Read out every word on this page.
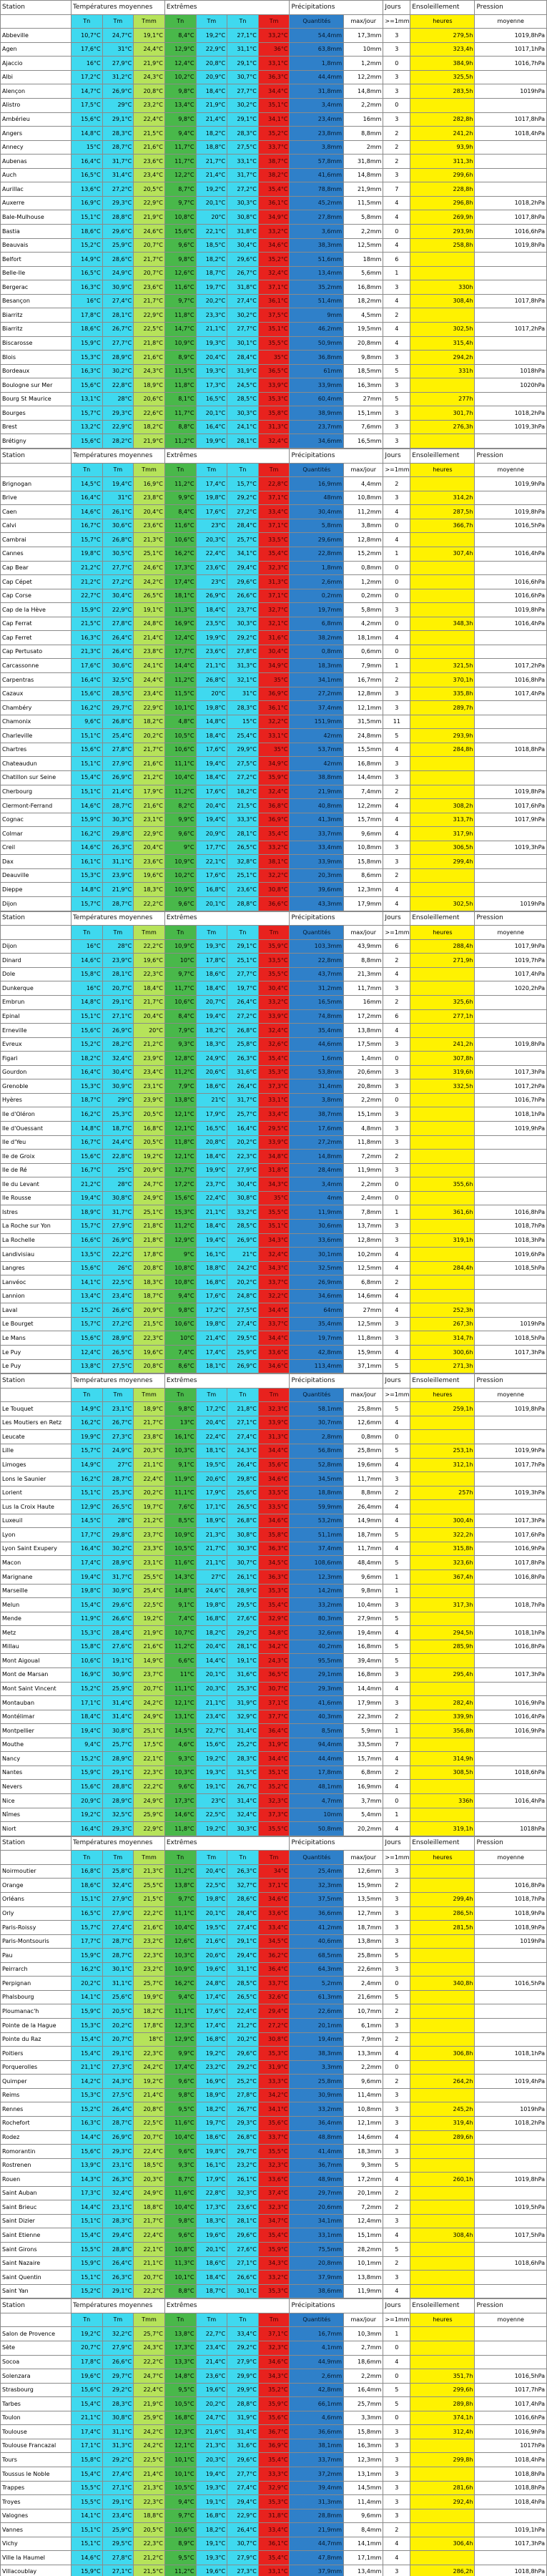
Station	Températures moyennes			Extrêmes				Précipitations		Jours	Ensoleillement	Pression
	Tn	Tm	Tmm	Tn	Tm	Tn	Tm	Quantités	max/jour	>=1mm	heures	moyenne
Abbeville	10,7°C	24,7°C	19,1°C	8,4°C	19,2°C	27,1°C	33,2°C	54,4mm	17,3mm	3	279,5h	1019,8hPa
Agen	17,6°C	31°C	24,4°C	12,9°C	22,9°C	31,1°C	36°C	63,8mm	10mm	3	323,4h	1017,1hPa
Ajaccio	16°C	27,9°C	21,9°C	12,4°C	20,8°C	29,1°C	33,1°C	1,8mm	1,2mm	0	384,9h	1016,7hPa
Albi	17,2°C	31,2°C	24,3°C	10,2°C	20,9°C	30,7°C	36,3°C	44,4mm	12,2mm	3	325,5h	
Alençon	14,7°C	26,9°C	20,8°C	9,8°C	18,4°C	27,7°C	34,4°C	31,8mm	14,8mm	3	283,5h	1019hPa
Alistro	17,5°C	29°C	23,2°C	13,4°C	21,9°C	30,2°C	35,1°C	3,4mm	2,2mm	0		
Ambérieu	15,6°C	29,1°C	22,4°C	9,8°C	21,4°C	29,1°C	34,1°C	23,4mm	16mm	3	282,8h	1017,8hPa
Angers	14,8°C	28,3°C	21,5°C	9,4°C	18,2°C	28,3°C	35,2°C	23,8mm	8,8mm	2	241,2h	1018,4hPa
Annecy	15°C	28,7°C	21,6°C	11,7°C	18,8°C	27,5°C	33,7°C	3,8mm	2mm	2	93,9h	
Aubenas	16,4°C	31,7°C	23,6°C	11,7°C	21,7°C	33,1°C	38,7°C	57,8mm	31,8mm	2	311,3h	
Auch	16,5°C	31,4°C	23,4°C	12,2°C	21,4°C	31,7°C	38,2°C	41,6mm	14,8mm	3	299,6h	
Aurillac	13,6°C	27,2°C	20,5°C	8,7°C	19,2°C	27,2°C	35,4°C	78,8mm	21,9mm	7	228,8h	
Auxerre	16,9°C	29,3°C	22,9°C	9,7°C	20,1°C	30,3°C	36,1°C	45,2mm	11,5mm	4	296,8h	1018,2hPa
Bale-Mulhouse	15,1°C	28,8°C	21,9°C	10,8°C	20°C	30,8°C	34,9°C	27,8mm	5,8mm	4	269,9h	1017,8hPa
Bastia	18,6°C	29,6°C	24,6°C	15,6°C	22,1°C	31,8°C	33,2°C	3,6mm	2,2mm	0	293,9h	1016,6hPa
Beauvais	15,2°C	25,9°C	20,7°C	9,6°C	18,5°C	30,4°C	34,6°C	38,3mm	12,5mm	4	258,8h	1019,8hPa
Belfort	14,9°C	28,6°C	21,7°C	9,8°C	18,2°C	29,6°C	35,2°C	51,6mm	18mm	6		
Belle-Ile	16,5°C	24,9°C	20,7°C	12,6°C	18,7°C	26,7°C	32,4°C	13,4mm	5,6mm	1		
Bergerac	16,3°C	30,9°C	23,6°C	11,6°C	19,7°C	31,8°C	37,1°C	35,2mm	16,8mm	3	330h	
Besançon	16°C	27,4°C	21,7°C	9,7°C	20,2°C	27,4°C	36,1°C	51,4mm	18,2mm	4	308,4h	1017,8hPa
Biarritz	17,8°C	28,1°C	22,9°C	11,8°C	23,3°C	30,2°C	37,5°C	9mm	4,5mm	2		
Biarritz	18,6°C	26,7°C	22,5°C	14,7°C	21,1°C	27,7°C	35,1°C	46,2mm	19,5mm	4	302,5h	1017,2hPa
Biscarosse	15,9°C	27,7°C	21,8°C	10,9°C	19,3°C	30,1°C	35,5°C	50,9mm	20,8mm	4	315,4h	
Blois	15,3°C	28,9°C	21,6°C	8,9°C	20,4°C	28,4°C	35°C	36,8mm	9,8mm	3	294,2h	
Bordeaux	16,3°C	30,2°C	24,3°C	11,5°C	19,3°C	31,9°C	36,5°C	61mm	18,5mm	5	331h	1018hPa
Boulogne sur Mer	15,6°C	22,8°C	18,9°C	11,8°C	17,3°C	24,5°C	33,9°C	33,9mm	16,3mm	3		1020hPa
Bourg St Maurice	13,1°C	28°C	20,6°C	8,1°C	16,5°C	28,5°C	35,3°C	60,4mm	27mm	5	277h	
Bourges	15,7°C	29,3°C	22,6°C	11,7°C	20,1°C	30,3°C	35,8°C	38,9mm	15,1mm	3	301,7h	1018,2hPa
Brest	13,2°C	22,9°C	18,2°C	8,8°C	16,4°C	24,1°C	31,3°C	23,7mm	7,6mm	3	276,3h	1019,3hPa
Brétigny	15,6°C	28,2°C	21,9°C	11,2°C	19,9°C	28,1°C	32,4°C	34,6mm	16,5mm	3		
Station	Températures moyennes			Extrêmes				Précipitations		Jours	Ensoleillement	Pression
	Tn	Tm	Tmm	Tn	Tm	Tn	Tm	Quantités	max/jour	>=1mm	heures	moyenne
Brignogan	14,5°C	19,4°C	16,9°C	11,2°C	17,4°C	15,7°C	22,8°C	16,9mm	4,4mm	2		1019,9hPa
Brive	16,4°C	31°C	23,8°C	9,9°C	19,8°C	29,2°C	37,1°C	48mm	10,8mm	3	314,2h	
Caen	14,6°C	26,1°C	20,4°C	8,4°C	17,6°C	27,2°C	33,4°C	30,4mm	11,2mm	4	287,5h	1019,8hPa
Calvi	16,7°C	30,6°C	23,6°C	11,6°C	23°C	28,4°C	37,1°C	5,8mm	3,8mm	0	366,7h	1016,5hPa
Cambrai	15,7°C	26,8°C	21,3°C	10,6°C	20,3°C	25,7°C	33,5°C	29,6mm	12,8mm	4		
Cannes	19,8°C	30,5°C	25,1°C	16,2°C	22,4°C	34,1°C	35,4°C	22,8mm	15,2mm	1	307,4h	1016,4hPa
Cap Bear	21,2°C	27,7°C	24,6°C	17,3°C	23,6°C	29,4°C	32,3°C	1,8mm	0,8mm	0		
Cap Cépet	21,2°C	27,2°C	24,2°C	17,4°C	23°C	29,6°C	31,3°C	2,6mm	1,2mm	0		1016,6hPa
Cap Corse	22,7°C	30,4°C	26,5°C	18,1°C	26,9°C	26,6°C	37,1°C	0,2mm	0,2mm	0		1016,6hPa
Cap de la Hève	15,9°C	22,9°C	19,1°C	11,3°C	18,4°C	23,7°C	32,7°C	19,7mm	5,8mm	3		1019,8hPa
Cap Ferrat	21,5°C	27,8°C	24,8°C	16,9°C	23,5°C	30,3°C	32,1°C	6,8mm	4,2mm	0	348,3h	1016,4hPa
Cap Ferret	16,3°C	26,4°C	21,4°C	12,4°C	19,9°C	29,2°C	31,6°C	38,2mm	18,1mm	4		
Cap Pertusato	21,3°C	26,4°C	23,8°C	17,7°C	23,6°C	27,8°C	30,4°C	0,8mm	0,6mm	0		
Carcassonne	17,6°C	30,6°C	24,1°C	14,4°C	21,1°C	31,3°C	34,9°C	18,3mm	7,9mm	1	321,5h	1017,2hPa
Carpentras	16,4°C	32,5°C	24,4°C	11,2°C	26,8°C	32,1°C	35°C	34,1mm	16,7mm	2	370,1h	1016,8hPa
Cazaux	15,6°C	28,5°C	23,4°C	11,5°C	20°C	31°C	36,9°C	27,2mm	12,8mm	3	335,8h	1017,4hPa
Chambéry	16,2°C	29,7°C	22,9°C	10,1°C	19,8°C	28,3°C	36,1°C	37,4mm	12,1mm	3	289,7h	
Chamonix	9,6°C	26,8°C	18,2°C	4,8°C	14,8°C	15°C	32,2°C	151,9mm	31,5mm	11		
Charleville	15,1°C	25,4°C	20,2°C	10,5°C	18,4°C	25,4°C	33,1°C	42mm	24,8mm	5	293,9h	
Chartres	15,6°C	27,8°C	21,7°C	10,6°C	17,6°C	29,9°C	35°C	53,7mm	15,5mm	4	284,8h	1018,8hPa
Chateaudun	15,1°C	27,9°C	21,6°C	11,1°C	19,4°C	27,5°C	34,9°C	42mm	16,8mm	3		
Chatillon sur Seine	15,4°C	26,9°C	21,2°C	10,4°C	18,4°C	27,2°C	35,9°C	38,8mm	14,4mm	3		
Cherbourg	15,1°C	21,4°C	17,9°C	11,2°C	17,6°C	18,2°C	32,4°C	21,9mm	7,4mm	2		1019,8hPa
Clermont-Ferrand	14,6°C	28,7°C	21,6°C	8,2°C	20,4°C	21,5°C	36,8°C	40,8mm	12,2mm	4	308,2h	1017,6hPa
Cognac	15,9°C	30,3°C	23,1°C	9,9°C	19,4°C	33,3°C	36,9°C	41,3mm	15,7mm	4	313,7h	1017,9hPa
Colmar	16,2°C	29,8°C	22,9°C	9,6°C	20,9°C	28,1°C	35,4°C	33,7mm	9,6mm	4	317,9h	
Creil	14,6°C	26,3°C	20,4°C	9°C	17,7°C	26,5°C	33,2°C	33,4mm	10,8mm	3	306,5h	1019,3hPa
Dax	16,1°C	31,1°C	23,6°C	10,9°C	22,1°C	32,8°C	38,1°C	33,9mm	15,8mm	3	299,4h	
Deauville	15,3°C	23,9°C	19,6°C	10,2°C	17,6°C	25,1°C	32,2°C	20,3mm	8,6mm	2		
Dieppe	14,8°C	21,9°C	18,3°C	10,9°C	16,8°C	23,6°C	30,8°C	39,6mm	12,3mm	4		
Dijon	15,7°C	28,7°C	22,2°C	9,6°C	20,1°C	28,8°C	36,6°C	43,3mm	17,9mm	4	302,5h	1019hPa
Station	Températures moyennes			Extrêmes				Précipitations		Jours	Ensoleillement	Pression
	Tn	Tm	Tmm	Tn	Tm	Tn	Tm	Quantités	max/jour	>=1mm	heures	moyenne
Dijon	16°C	28°C	22,2°C	10,9°C	19,3°C	29,1°C	35,9°C	103,3mm	43,9mm	6	288,4h	1017,9hPa
Dinard	14,6°C	23,9°C	19,6°C	10°C	17,8°C	25,1°C	33,5°C	22,8mm	8,8mm	2	271,9h	1019,7hPa
Dole	15,8°C	28,1°C	22,3°C	9,7°C	18,6°C	27,7°C	35,5°C	43,7mm	21,3mm	4		1017,4hPa
Dunkerque	16°C	20,7°C	18,4°C	11,7°C	18,4°C	19,7°C	30,4°C	31,2mm	11,7mm	3		1020,2hPa
Embrun	14,8°C	29,1°C	21,7°C	10,6°C	20,7°C	26,4°C	33,2°C	16,5mm	16mm	2	325,6h	
Epinal	15,1°C	27,1°C	20,4°C	8,4°C	19,4°C	27,2°C	33,9°C	74,8mm	17,2mm	6	277,1h	
Erneville	15,6°C	26,9°C	20°C	7,9°C	18,2°C	26,8°C	32,4°C	35,4mm	13,8mm	4		
Evreux	15,2°C	28,2°C	21,2°C	9,3°C	18,3°C	25,8°C	32,6°C	44,6mm	17,5mm	3	241,2h	1019,8hPa
Figari	18,2°C	32,4°C	23,9°C	12,8°C	24,9°C	26,3°C	35,4°C	1,6mm	1,4mm	0	307,8h	
Gourdon	16,4°C	30,4°C	23,4°C	11,2°C	20,6°C	31,6°C	35,3°C	53,8mm	20,6mm	3	319,6h	1017,3hPa
Grenoble	15,3°C	30,9°C	23,1°C	7,9°C	18,6°C	26,4°C	37,3°C	31,4mm	20,8mm	3	332,5h	1017,2hPa
Hyères	18,7°C	29°C	23,9°C	13,8°C	21°C	31,7°C	33,1°C	3,8mm	2,2mm	0		1016,7hPa
Ile d'Oléron	16,2°C	25,3°C	20,5°C	12,1°C	17,9°C	25,7°C	33,4°C	38,7mm	15,1mm	3		1018,1hPa
Ile d'Ouessant	14,8°C	18,7°C	16,8°C	12,1°C	16,5°C	16,4°C	29,5°C	17,6mm	4,8mm	3		1019,9hPa
Ile d'Yeu	16,7°C	24,4°C	20,5°C	11,8°C	20,8°C	20,2°C	33,9°C	27,2mm	11,8mm	3		
Ile de Groix	15,6°C	22,8°C	19,2°C	12,1°C	18,4°C	22,3°C	34,8°C	14,8mm	7,2mm	2		
Ile de Ré	16,7°C	25°C	20,9°C	12,7°C	19,9°C	27,9°C	31,8°C	28,4mm	11,9mm	3		
Ile du Levant	21,2°C	28°C	24,7°C	17,2°C	23,7°C	30,4°C	34,3°C	3,4mm	2,2mm	0	355,6h	
Ile Rousse	19,4°C	30,8°C	24,9°C	15,6°C	22,4°C	30,8°C	35°C	4mm	2,4mm	0		
Istres	18,9°C	31,7°C	25,1°C	15,3°C	21,1°C	33,2°C	35,5°C	11,9mm	7,8mm	1	361,6h	1016,8hPa
La Roche sur Yon	15,7°C	27,9°C	21,8°C	11,2°C	18,4°C	28,5°C	35,1°C	30,6mm	13,7mm	3		1018,7hPa
La Rochelle	16,6°C	26,9°C	21,8°C	12,9°C	19,4°C	26,9°C	34,3°C	33,6mm	12,8mm	3	319,1h	1018,3hPa
Landivisiau	13,5°C	22,2°C	17,8°C	9°C	16,1°C	21°C	32,4°C	30,1mm	10,2mm	4		1019,6hPa
Langres	15,6°C	26°C	20,8°C	10,8°C	18,8°C	24,2°C	34,3°C	32,5mm	12,5mm	4	284,4h	1018,5hPa
Lanvéoc	14,1°C	22,5°C	18,3°C	10,8°C	16,8°C	20,2°C	33,7°C	26,9mm	6,8mm	2		
Lannion	13,4°C	23,4°C	18,7°C	9,4°C	17,6°C	24,8°C	32,2°C	34,6mm	14,6mm	4		
Laval	15,2°C	26,6°C	20,9°C	9,8°C	17,2°C	27,5°C	34,4°C	64mm	27mm	4	252,3h	
Le Bourget	15,7°C	27,2°C	21,5°C	10,6°C	19,8°C	27,4°C	33,7°C	35,4mm	12,5mm	3	267,3h	1019hPa
Le Mans	15,6°C	28,9°C	22,3°C	10°C	21,4°C	29,5°C	34,4°C	19,7mm	11,8mm	3	314,7h	1018,5hPa
Le Puy	12,4°C	26,5°C	19,6°C	7,4°C	17,4°C	25,9°C	33,6°C	42,8mm	15,9mm	4	300,6h	1017,3hPa
Le Puy	13,8°C	27,5°C	20,8°C	8,6°C	18,1°C	26,9°C	34,6°C	113,4mm	37,1mm	5	271,3h	
Station	Températures moyennes			Extrêmes				Précipitations		Jours	Ensoleillement	Pression
	Tn	Tm	Tmm	Tn	Tm	Tn	Tm	Quantités	max/jour	>=1mm	heures	moyenne
Le Touquet	14,9°C	23,1°C	18,9°C	9,8°C	17,2°C	21,8°C	32,3°C	58,1mm	25,8mm	5	259,1h	1019,8hPa
Les Moutiers en Retz	16,2°C	26,7°C	21,7°C	13°C	20,4°C	27,1°C	33,9°C	30,7mm	12,6mm	4		
Leucate	19,9°C	27,3°C	23,8°C	16,1°C	22,4°C	27,4°C	31,3°C	2,8mm	0,8mm	0		
Lille	15,7°C	24,9°C	20,3°C	10,3°C	18,1°C	24,3°C	34,4°C	56,8mm	25,8mm	5	253,1h	1019,9hPa
Limoges	14,9°C	27°C	21,1°C	9,1°C	19,5°C	26,4°C	35,6°C	52,8mm	19,6mm	4	312,1h	1017,7hPa
Lons le Saunier	16,2°C	28,7°C	22,4°C	11,9°C	20,6°C	29,8°C	34,6°C	34,5mm	11,7mm	3		
Lorient	15,1°C	25,3°C	20,2°C	11,1°C	17,9°C	25,6°C	33,5°C	18,8mm	8,8mm	2	257h	1019,3hPa
Lus la Croix Haute	12,9°C	26,5°C	19,7°C	7,6°C	17,1°C	26,5°C	33,5°C	59,9mm	26,4mm	4		
Luxeuil	14,5°C	28°C	21,2°C	8,5°C	18,9°C	26,8°C	34,6°C	53,2mm	14,9mm	4	300,4h	1017,3hPa
Lyon	17,7°C	29,8°C	23,7°C	10,9°C	21,3°C	30,8°C	35,8°C	51,1mm	18,7mm	5	322,2h	1017,6hPa
Lyon Saint Exupery	16,4°C	30,2°C	23,3°C	10,5°C	21,7°C	30,3°C	36,3°C	37,4mm	11,7mm	4	315,8h	1016,9hPa
Macon	17,4°C	28,9°C	23,1°C	11,6°C	21,1°C	30,7°C	34,5°C	108,6mm	48,4mm	5	323,6h	1017,8hPa
Marignane	19,4°C	31,7°C	25,5°C	14,3°C	27°C	26,1°C	36,3°C	12,3mm	9,6mm	1	367,4h	1016,8hPa
Marseille	19,8°C	30,9°C	25,4°C	14,8°C	24,6°C	28,9°C	35,3°C	14,2mm	9,8mm	1		
Melun	15,4°C	29,6°C	22,5°C	9,1°C	19,8°C	29,5°C	35,4°C	33,2mm	10,4mm	3	317,3h	1018,7hPa
Mende	11,9°C	26,6°C	19,2°C	7,4°C	16,8°C	27,6°C	32,9°C	80,3mm	27,9mm	5		
Metz	15,3°C	28,4°C	21,9°C	10,7°C	18,2°C	29,2°C	34,8°C	32,6mm	19,4mm	4	294,5h	1018,1hPa
Millau	15,8°C	27,6°C	21,6°C	11,2°C	20,4°C	28,1°C	34,2°C	40,2mm	16,8mm	5	285,9h	1016,8hPa
Mont Aigoual	10,6°C	19,1°C	14,9°C	6,6°C	14,4°C	19,1°C	24,3°C	95,5mm	39,4mm	5		
Mont de Marsan	16,9°C	30,9°C	23,7°C	11°C	20,1°C	31,6°C	36,5°C	29,1mm	16,8mm	3	295,4h	1017,3hPa
Mont Saint Vincent	15,2°C	25,9°C	20,7°C	11,1°C	20,3°C	25,3°C	30,7°C	29,3mm	14,4mm	4		
Montauban	17,1°C	31,4°C	24,2°C	12,1°C	21,1°C	31,9°C	37,1°C	41,6mm	17,9mm	3	282,4h	1016,9hPa
Montélimar	18,4°C	31,4°C	24,9°C	13,1°C	23,4°C	32,9°C	37,7°C	40,3mm	22,3mm	2	339,9h	1016,4hPa
Montpellier	19,4°C	30,8°C	25,1°C	14,5°C	22,7°C	31,4°C	36,4°C	8,5mm	5,9mm	1	356,8h	1016,9hPa
Mouthe	9,4°C	25,7°C	17,5°C	4,6°C	15,6°C	25,2°C	31,9°C	94,4mm	33,5mm	7		
Nancy	15,2°C	28,9°C	22,1°C	9,3°C	19,2°C	28,3°C	34,4°C	44,4mm	15,7mm	4	314,9h	
Nantes	15,9°C	29,1°C	22,3°C	10,3°C	19,3°C	31,5°C	35,1°C	17,8mm	6,8mm	2	308,5h	1018,6hPa
Nevers	15,6°C	28,8°C	22,2°C	9,6°C	19,1°C	26,7°C	35,2°C	48,1mm	16,9mm	4		
Nice	20,9°C	28,9°C	24,9°C	17,3°C	23°C	31,4°C	32,3°C	4,7mm	3,7mm	0	336h	1016,4hPa
Nîmes	19,2°C	32,5°C	25,9°C	14,6°C	22,5°C	32,4°C	37,3°C	10mm	5,4mm	1		
Niort	16,4°C	29,3°C	22,9°C	11,8°C	19,2°C	30,3°C	35,5°C	50,8mm	20,2mm	4	319,1h	1018hPa
Station	Températures moyennes			Extrêmes				Précipitations		Jours	Ensoleillement	Pression
	Tn	Tm	Tmm	Tn	Tm	Tn	Tm	Quantités	max/jour	>=1mm	heures	moyenne
Noirmoutier	16,8°C	25,8°C	21,3°C	11,2°C	20,4°C	26,3°C	34°C	25,4mm	12,6mm	3		
Orange	18,6°C	32,4°C	25,5°C	13,8°C	22,5°C	32,7°C	37,1°C	32,3mm	15,9mm	2		1016,8hPa
Orléans	15,1°C	27,9°C	21,5°C	9,7°C	19,8°C	28,6°C	34,6°C	37,5mm	13,5mm	3	299,4h	1018,7hPa
Orly	16,5°C	27,9°C	22,2°C	11,1°C	20,1°C	28,4°C	33,6°C	36,6mm	12,7mm	3	286,5h	1018,9hPa
Paris-Roissy	15,7°C	27,4°C	21,6°C	10,4°C	19,5°C	27,4°C	33,4°C	41,2mm	18,7mm	3	281,5h	1018,9hPa
Paris-Montsouris	17,7°C	28,7°C	23,2°C	12,6°C	21,6°C	29,1°C	34,5°C	40,6mm	13,8mm	3		1019hPa
Pau	15,9°C	28,7°C	22,3°C	10,3°C	20,6°C	29,4°C	36,2°C	68,5mm	25,8mm	5		
Peirrarch	16,2°C	30,1°C	23,2°C	10,9°C	19,6°C	31,1°C	36,4°C	64,3mm	22,6mm	3		
Perpignan	20,2°C	31,1°C	25,7°C	16,2°C	24,8°C	28,5°C	33,7°C	5,2mm	2,4mm	0	340,8h	1016,5hPa
Phalsbourg	14,1°C	25,6°C	19,9°C	9,4°C	17,4°C	26,5°C	32,6°C	61,3mm	21,6mm	5		
Ploumanac'h	15,9°C	20,5°C	18,2°C	11,1°C	17,6°C	22,4°C	29,4°C	22,6mm	10,7mm	2		
Pointe de la Hague	15,3°C	20,2°C	17,8°C	12,3°C	17,4°C	21,2°C	27,2°C	20,1mm	6,1mm	3		
Pointe du Raz	15,4°C	20,7°C	18°C	12,9°C	16,8°C	20,2°C	30,8°C	19,4mm	7,9mm	2		
Poitiers	15,4°C	29,1°C	22,3°C	9,9°C	19,2°C	29,6°C	35,3°C	38,3mm	13,3mm	4	306,8h	1018,1hPa
Porquerolles	21,1°C	27,3°C	24,2°C	17,4°C	23,2°C	29,2°C	31,9°C	3,3mm	2,2mm	0		
Quimper	14,2°C	24,3°C	19,2°C	9,6°C	16,9°C	25,2°C	33,3°C	25,8mm	9,6mm	2	264,2h	1019,4hPa
Reims	15,3°C	27,5°C	21,4°C	9,8°C	18,9°C	27,8°C	34,2°C	30,9mm	11,4mm	3		
Rennes	15,2°C	26,4°C	20,8°C	9,5°C	18,2°C	26,7°C	34,1°C	33,2mm	10,8mm	3	245,2h	1019hPa
Rochefort	16,3°C	28,7°C	22,5°C	11,6°C	19,7°C	29,3°C	35,6°C	36,4mm	12,1mm	3	319,4h	1018,2hPa
Rodez	14,4°C	26,9°C	20,7°C	10,4°C	18,6°C	26,8°C	33,7°C	48,8mm	14,6mm	4	289,6h	
Romorantin	15,6°C	29,3°C	22,4°C	9,6°C	19,8°C	29,7°C	35,5°C	41,4mm	18,3mm	3		
Rostrenen	13,9°C	23,1°C	18,5°C	9,3°C	16,1°C	23,2°C	32,3°C	36,7mm	9,3mm	5		
Rouen	14,3°C	26,3°C	20,3°C	8,7°C	17,9°C	26,1°C	33,6°C	48,9mm	17,2mm	4	260,1h	1019,8hPa
Saint Auban	17,3°C	32,4°C	24,9°C	11,6°C	22,8°C	32,3°C	37,4°C	29,7mm	20,1mm	2		
Saint Brieuc	14,4°C	23,1°C	18,8°C	10,4°C	17,3°C	23,6°C	32,3°C	20,6mm	7,2mm	2		1019,5hPa
Saint Dizier	15,1°C	28,3°C	21,7°C	9,8°C	18,3°C	28,1°C	34,7°C	34,1mm	12,4mm	3		
Saint Etienne	15,4°C	29,4°C	22,4°C	9,6°C	19,6°C	29,6°C	35,4°C	33,1mm	15,1mm	4	308,4h	1017,5hPa
Saint Girons	15,5°C	28,8°C	22,1°C	10,8°C	20,1°C	27,6°C	35,9°C	75,5mm	28,2mm	5		
Saint Nazaire	15,9°C	26,4°C	21,1°C	11,3°C	18,6°C	27,1°C	34,3°C	20,8mm	10,1mm	2		1018,6hPa
Saint Quentin	15,1°C	26,3°C	20,7°C	10,1°C	18,4°C	26,6°C	33,2°C	37,9mm	13,8mm	3		
Saint Yan	15,2°C	29,1°C	22,2°C	8,8°C	18,7°C	30,1°C	35,3°C	38,6mm	11,9mm	4		
Station	Températures moyennes			Extrêmes				Précipitations		Jours	Ensoleillement	Pression
	Tn	Tm	Tmm	Tn	Tm	Tn	Tm	Quantités	max/jour	>=1mm	heures	moyenne
Salon de Provence	19,2°C	32,2°C	25,7°C	13,8°C	22,7°C	33,4°C	37,1°C	16,7mm	10,3mm	1		
Sète	20,7°C	27,9°C	24,3°C	17,3°C	23,4°C	29,2°C	32,3°C	4,1mm	2,7mm	0		
Socoa	17,8°C	26,6°C	22,2°C	13,3°C	21,4°C	27,9°C	34,6°C	44,9mm	18,6mm	4		
Solenzara	19,6°C	29,7°C	24,7°C	14,8°C	23,6°C	29,9°C	34,3°C	2,6mm	2,2mm	0	351,7h	1016,5hPa
Strasbourg	15,6°C	29,2°C	22,4°C	9,5°C	19,6°C	29,9°C	35,2°C	42,8mm	16,4mm	5	299,6h	1017,7hPa
Tarbes	15,4°C	28,3°C	21,9°C	10,5°C	20,2°C	28,8°C	35,9°C	66,1mm	25,7mm	5	289,8h	1017,4hPa
Toulon	21,1°C	30,8°C	25,9°C	16,8°C	24,7°C	31,9°C	35,6°C	4,6mm	3,3mm	0	374,1h	1016,6hPa
Toulouse	17,4°C	31,1°C	24,2°C	12,3°C	21,6°C	31,4°C	36,7°C	36,6mm	15,8mm	3	312,4h	1016,9hPa
Toulouse Francazal	17,1°C	31,3°C	24,2°C	12,1°C	21,3°C	31,6°C	36,9°C	38,1mm	16,3mm	3		1017hPa
Tours	15,8°C	29,2°C	22,5°C	10,1°C	20,3°C	29,6°C	35,4°C	33,7mm	12,3mm	3	299,8h	1018,4hPa
Toussus le Noble	15,4°C	27,4°C	21,4°C	10,1°C	19,4°C	27,7°C	33,3°C	37,2mm	13,1mm	3		1018,8hPa
Trappes	15,5°C	27,1°C	21,3°C	10,5°C	19,3°C	27,4°C	32,9°C	39,4mm	14,5mm	3	281,6h	1018,8hPa
Troyes	15,5°C	29,1°C	22,3°C	9,4°C	19,1°C	29,4°C	35,3°C	31,3mm	11,4mm	3	292,4h	1018,4hPa
Valognes	14,1°C	23,4°C	18,8°C	9,7°C	16,8°C	22,9°C	31,8°C	28,8mm	9,6mm	3		
Vannes	15,1°C	25,9°C	20,5°C	10,6°C	18,2°C	26,4°C	33,4°C	21,9mm	8,4mm	2		1019,1hPa
Vichy	15,1°C	29,5°C	22,3°C	8,9°C	19,1°C	30,7°C	36,1°C	44,7mm	14,1mm	4	306,4h	1017,3hPa
Ville la Haumel	14,6°C	27,8°C	21,2°C	9,5°C	19,3°C	27,9°C	35,4°C	47,8mm	17,1mm	4		
Villacoublay	15,9°C	27,1°C	21,5°C	11,2°C	19,6°C	27,3°C	33,1°C	37,9mm	13,4mm	3	286,2h	1018,8hPa
